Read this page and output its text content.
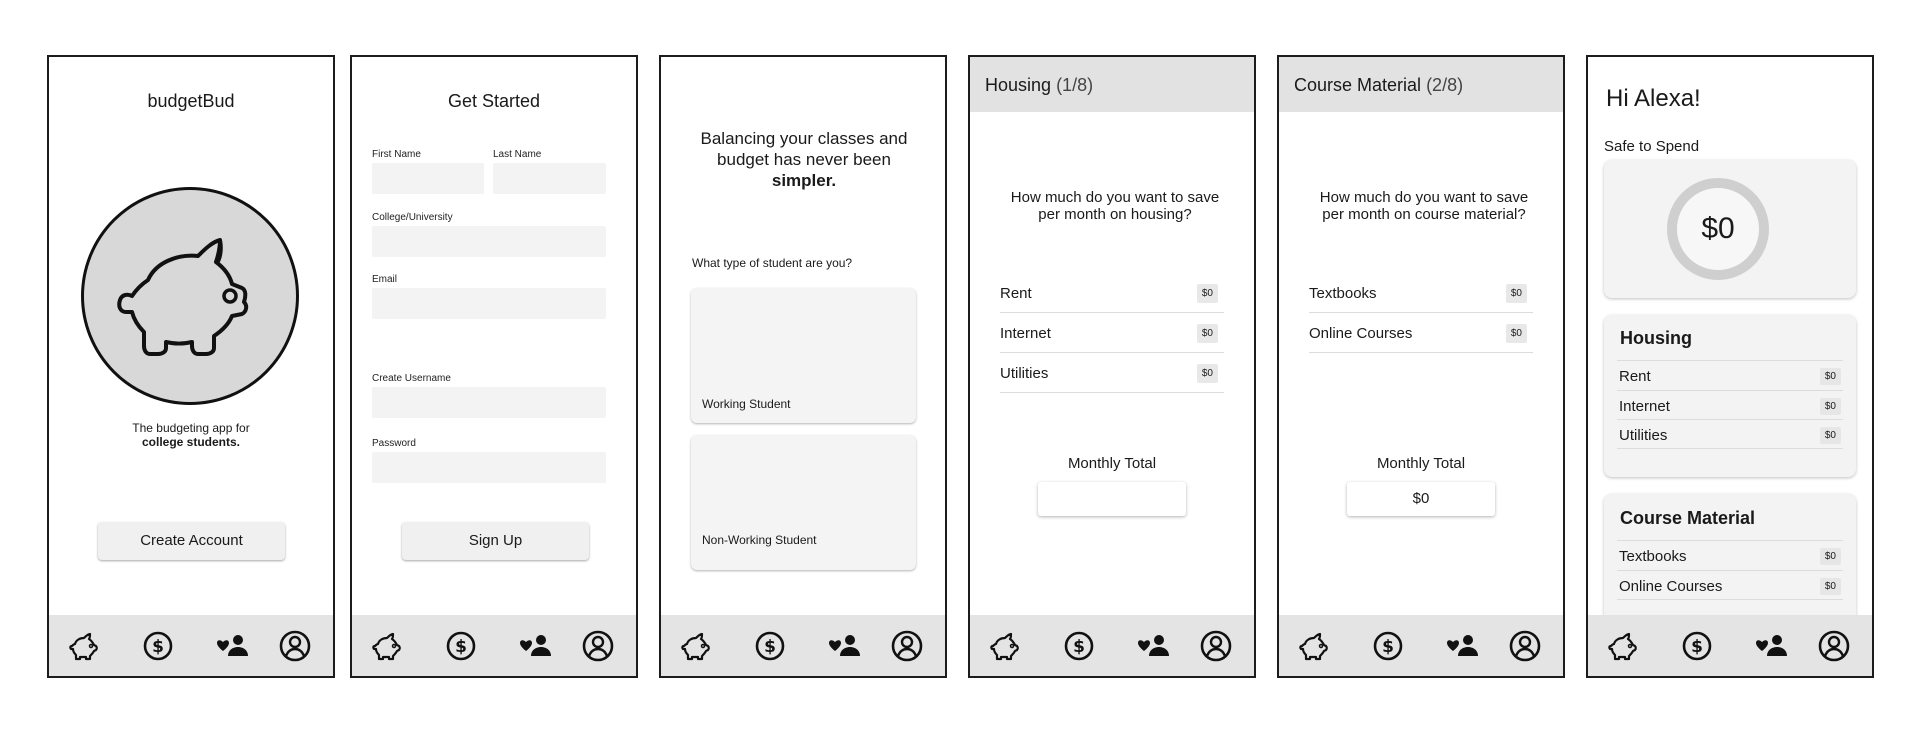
budgetBud
The budgeting app for
college students.
Create Account
$
Get Started
First Name	Last Name
College/University
Email
Create Username
Password
Sign Up
$
Balancing your classes and budget has never been simpler.
What type of student are you?
Working Student
Non-Working Student
$
Housing (1/8)
How much do you want to save per month on housing?
Rent	$0
Internet	$0
Utilities	$0
Monthly Total
$
Course Material (2/8)
How much do you want to save per month on course material?
Textbooks	$0
Online Courses	$0
Monthly Total
$0
$
Hi Alexa!
Safe to Spend
$0
Housing
Rent	$0
Internet	$0
Utilities	$0
Course Material
Textbooks	$0
Online Courses	$0
$
